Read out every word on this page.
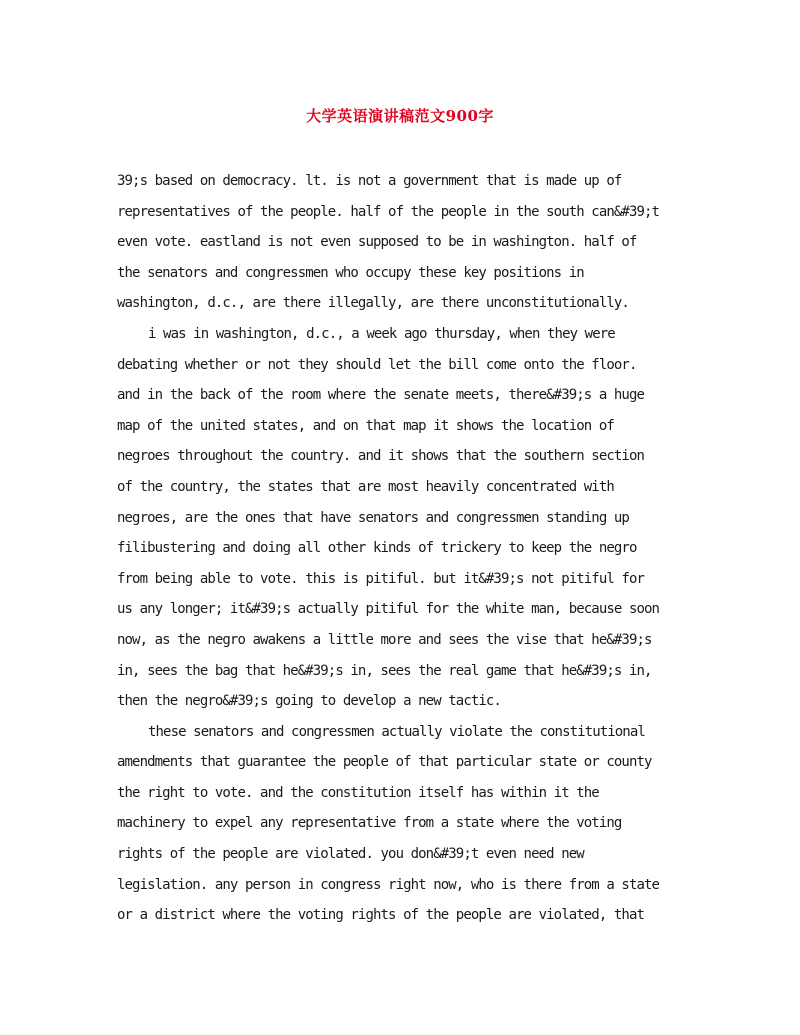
大学英语演讲稿范文900字
39;s based on democracy. lt. is not a government that is made up of
representatives of the people. half of the people in the south can&#39;t
even vote. eastland is not even supposed to be in washington. half of
the senators and congressmen who occupy these key positions in
washington, d.c., are there illegally, are there unconstitutionally.
i was in washington, d.c., a week ago thursday, when they were
debating whether or not they should let the bill come onto the floor.
and in the back of the room where the senate meets, there&#39;s a huge
map of the united states, and on that map it shows the location of
negroes throughout the country. and it shows that the southern section
of the country, the states that are most heavily concentrated with
negroes, are the ones that have senators and congressmen standing up
filibustering and doing all other kinds of trickery to keep the negro
from being able to vote. this is pitiful. but it&#39;s not pitiful for
us any longer; it&#39;s actually pitiful for the white man, because soon
now, as the negro awakens a little more and sees the vise that he&#39;s
in, sees the bag that he&#39;s in, sees the real game that he&#39;s in,
then the negro&#39;s going to develop a new tactic.
these senators and congressmen actually violate the constitutional
amendments that guarantee the people of that particular state or county
the right to vote. and the constitution itself has within it the
machinery to expel any representative from a state where the voting
rights of the people are violated. you don&#39;t even need new
legislation. any person in congress right now, who is there from a state
or a district where the voting rights of the people are violated, that
